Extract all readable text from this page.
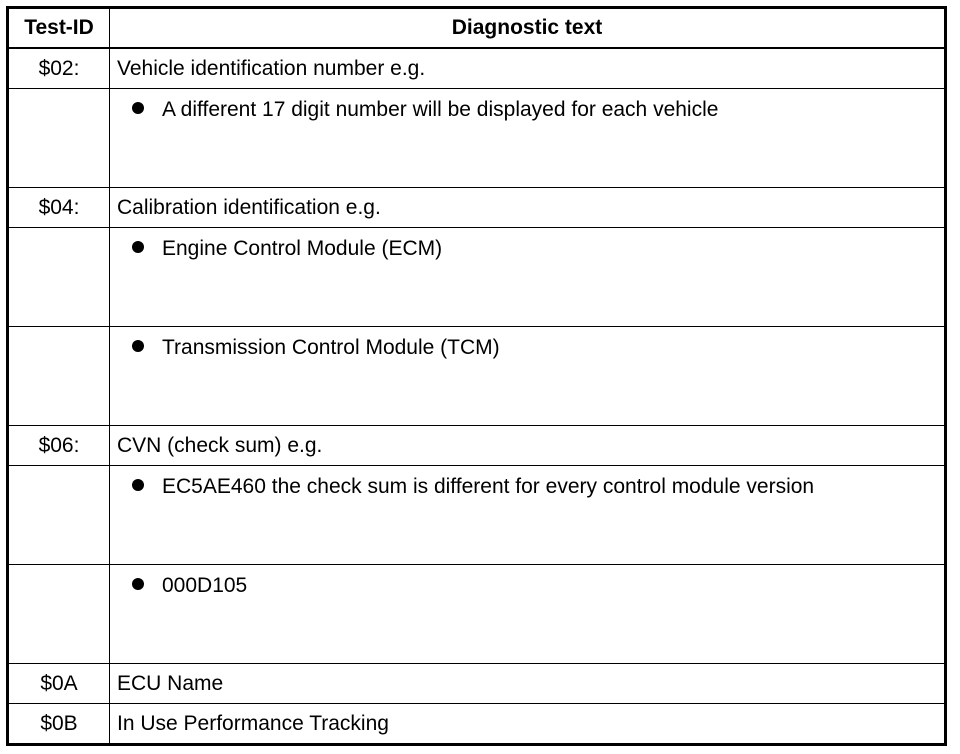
Test-ID	Diagnostic text
$02:	Vehicle identification number e.g.
	A different 17 digit number will be displayed for each vehicle
$04:	Calibration identification e.g.
	Engine Control Module (ECM)
	Transmission Control Module (TCM)
$06:	CVN (check sum) e.g.
	EC5AE460 the check sum is different for every control module version
	000D105
$0A	ECU Name
$0B	In Use Performance Tracking
